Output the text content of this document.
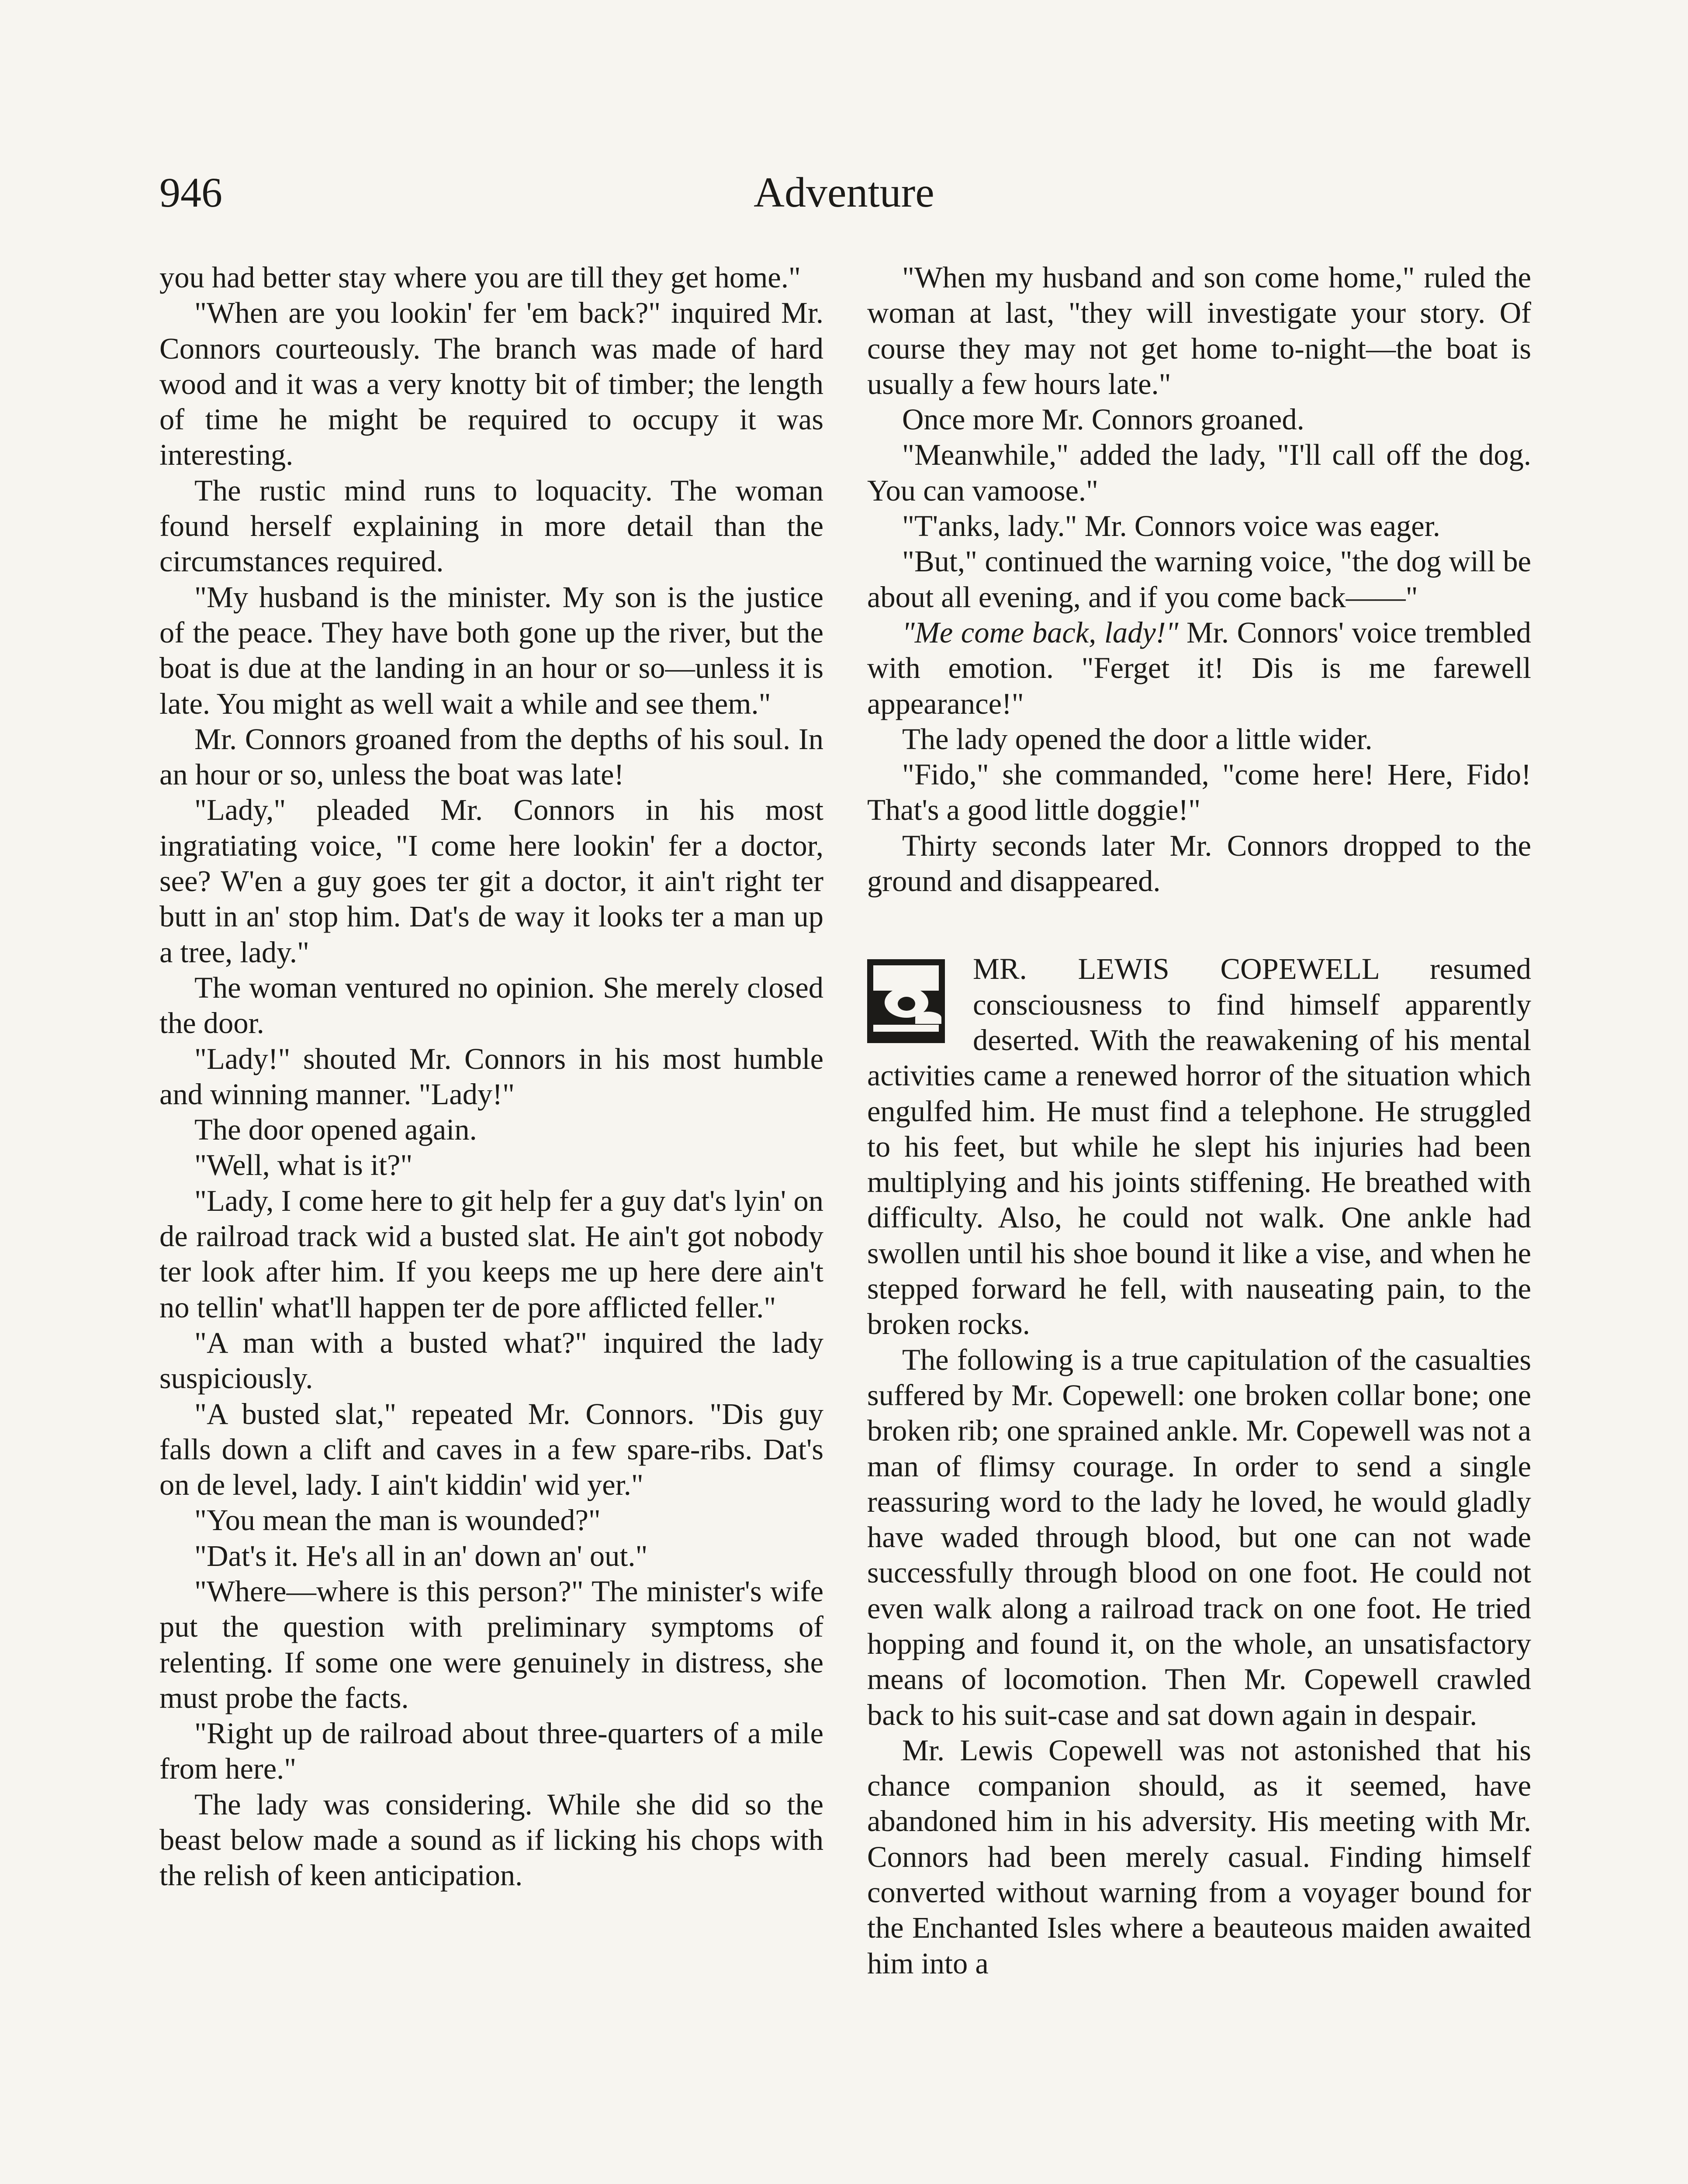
946	Adventure

you had better stay where you are till they get home."

"When are you lookin' fer 'em back?" inquired Mr. Connors courteously. The branch was made of hard wood and it was a very knotty bit of timber; the length of time he might be required to occupy it was interesting.

The rustic mind runs to loquacity. The woman found herself explaining in more detail than the circumstances required.

"My husband is the minister. My son is the justice of the peace. They have both gone up the river, but the boat is due at the landing in an hour or so—unless it is late. You might as well wait a while and see them."

Mr. Connors groaned from the depths of his soul. In an hour or so, unless the boat was late!

"Lady," pleaded Mr. Connors in his most ingratiating voice, "I come here lookin' fer a doctor, see? W'en a guy goes ter git a doctor, it ain't right ter butt in an' stop him. Dat's de way it looks ter a man up a tree, lady."

The woman ventured no opinion. She merely closed the door.

"Lady!" shouted Mr. Connors in his most humble and winning manner. "Lady!"

The door opened again.

"Well, what is it?"

"Lady, I come here to git help fer a guy dat's lyin' on de railroad track wid a busted slat. He ain't got nobody ter look after him. If you keeps me up here dere ain't no tellin' what'll happen ter de pore afflicted feller."

"A man with a busted what?" inquired the lady suspiciously.

"A busted slat," repeated Mr. Connors. "Dis guy falls down a clift and caves in a few spare-ribs. Dat's on de level, lady. I ain't kiddin' wid yer."

"You mean the man is wounded?"

"Dat's it. He's all in an' down an' out."

"Where—where is this person?" The minister's wife put the question with preliminary symptoms of relenting. If some one were genuinely in distress, she must probe the facts.

"Right up de railroad about three-quarters of a mile from here."

The lady was considering. While she did so the beast below made a sound as if licking his chops with the relish of keen anticipation.

"When my husband and son come home," ruled the woman at last, "they will investigate your story. Of course they may not get home to-night—the boat is usually a few hours late."

Once more Mr. Connors groaned.

"Meanwhile," added the lady, "I'll call off the dog. You can vamoose."

"T'anks, lady." Mr. Connors voice was eager.

"But," continued the warning voice, "the dog will be about all evening, and if you come back——"

"Me come back, lady!" Mr. Connors' voice trembled with emotion. "Ferget it! Dis is me farewell appearance!"

The lady opened the door a little wider.

"Fido," she commanded, "come here! Here, Fido! That's a good little doggie!"

Thirty seconds later Mr. Connors dropped to the ground and disappeared.

MR. LEWIS COPEWELL resumed consciousness to find himself apparently deserted. With the reawakening of his mental activities came a renewed horror of the situation which engulfed him. He must find a telephone. He struggled to his feet, but while he slept his injuries had been multiplying and his joints stiffening. He breathed with difficulty. Also, he could not walk. One ankle had swollen until his shoe bound it like a vise, and when he stepped forward he fell, with nauseating pain, to the broken rocks.

The following is a true capitulation of the casualties suffered by Mr. Copewell: one broken collar bone; one broken rib; one sprained ankle. Mr. Copewell was not a man of flimsy courage. In order to send a single reassuring word to the lady he loved, he would gladly have waded through blood, but one can not wade successfully through blood on one foot. He could not even walk along a railroad track on one foot. He tried hopping and found it, on the whole, an unsatisfactory means of locomotion. Then Mr. Copewell crawled back to his suit-case and sat down again in despair.

Mr. Lewis Copewell was not astonished that his chance companion should, as it seemed, have abandoned him in his adversity. His meeting with Mr. Connors had been merely casual. Finding himself converted without warning from a voyager bound for the Enchanted Isles where a beauteous maiden awaited him into a
